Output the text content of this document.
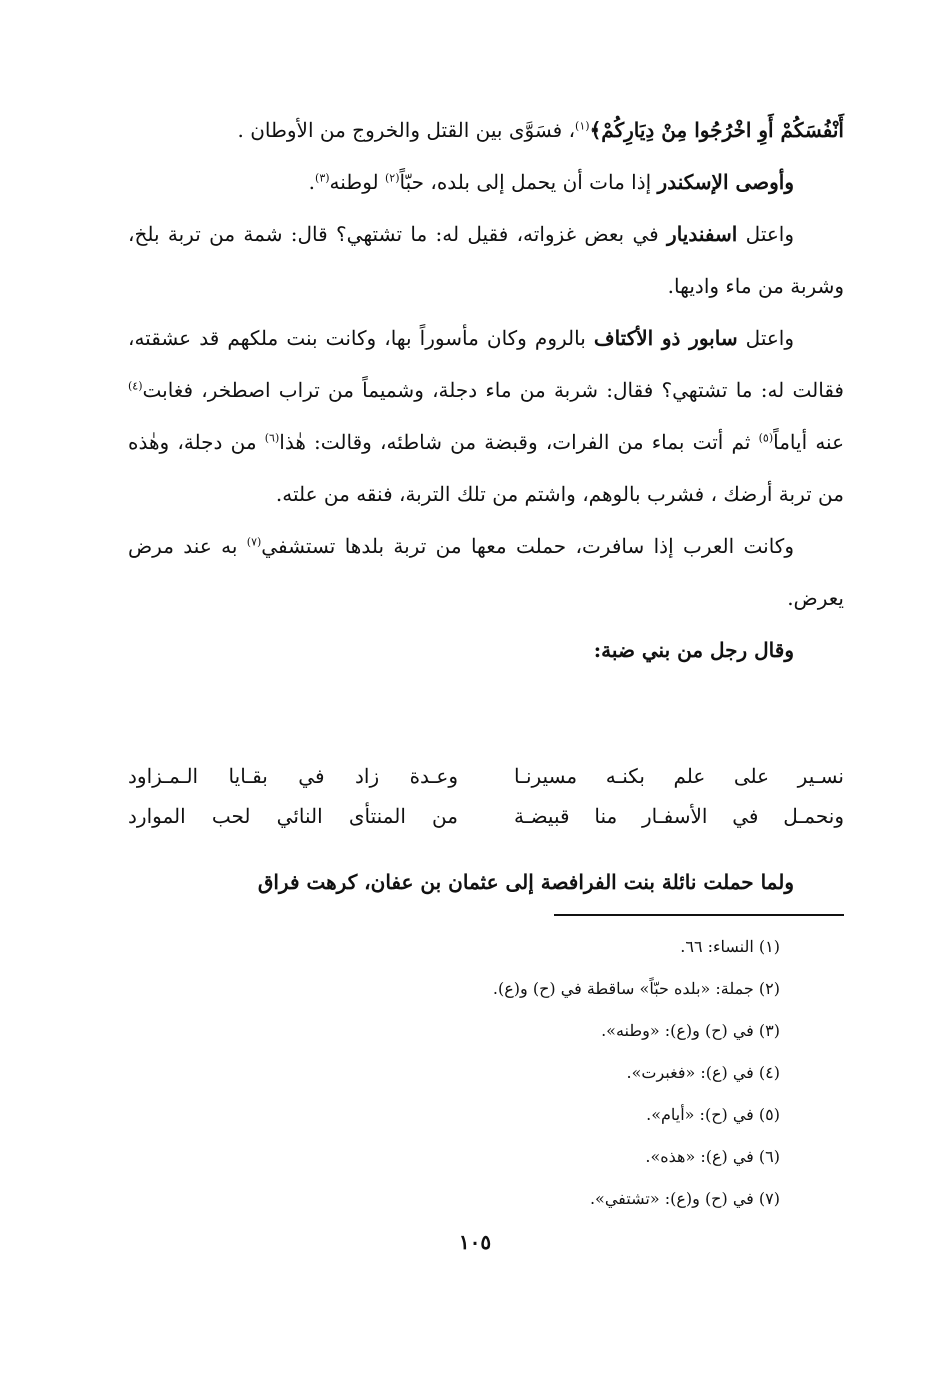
أَنْفُسَكُمْ أَوِ اخْرُجُوا مِنْ دِيَارِكُمْ﴾$^{(١)}$، فسَوَّى بين القتل والخروج من الأوطان .

وأوصى الإسكندر إذا مات أن يحمل إلى بلده، حبّاً$^{(٢)}$ لوطنه$^{(٣)}$.

واعتل اسفنديار في بعض غزواته، فقيل له: ما تشتهي؟ قال: شمة من تربة بلخ، وشربة من ماء واديها.

واعتل سابور ذو الأكتاف بالروم وكان مأسوراً بها، وكانت بنت ملكهم قد عشقته، فقالت له: ما تشتهي؟ فقال: شربة من ماء دجلة، وشميماً من تراب اصطخر، فغابت$^{(٤)}$ عنه أياماً$^{(٥)}$ ثم أتت بماء من الفرات، وقبضة من شاطئه، وقالت: هٰذا$^{(٦)}$ من دجلة، وهٰذه من تربة أرضك ، فشرب بالوهم، واشتم من تلك التربة، فنقه من علته.

وكانت العرب إذا سافرت، حملت معها من تربة بلدها تستشفي$^{(٧)}$ به عند مرض يعرض.

وقال رجل من بني ضبة:

نسـير على علم بكنـه مسيرنـا
وعـدة زاد في بقـايا الـمـزاود
ونحمـل في الأسفـار منا قبيضـة
من المنتأى النائي لحب الموارد

ولما حملت نائلة بنت الفرافصة إلى عثمان بن عفان، كرهت فراق

(١) النساء: ٦٦.
(٢) جملة: «بلده حبّاً» ساقطة في (ح) و(ع).
(٣) في (ح) و(ع): «وطنه».
(٤) في (ع): «فغبرت».
(٥) في (ح): «أيام».
(٦) في (ع): «هذه».
(٧) في (ح) و(ع): «تشتفي».
١٠٥
